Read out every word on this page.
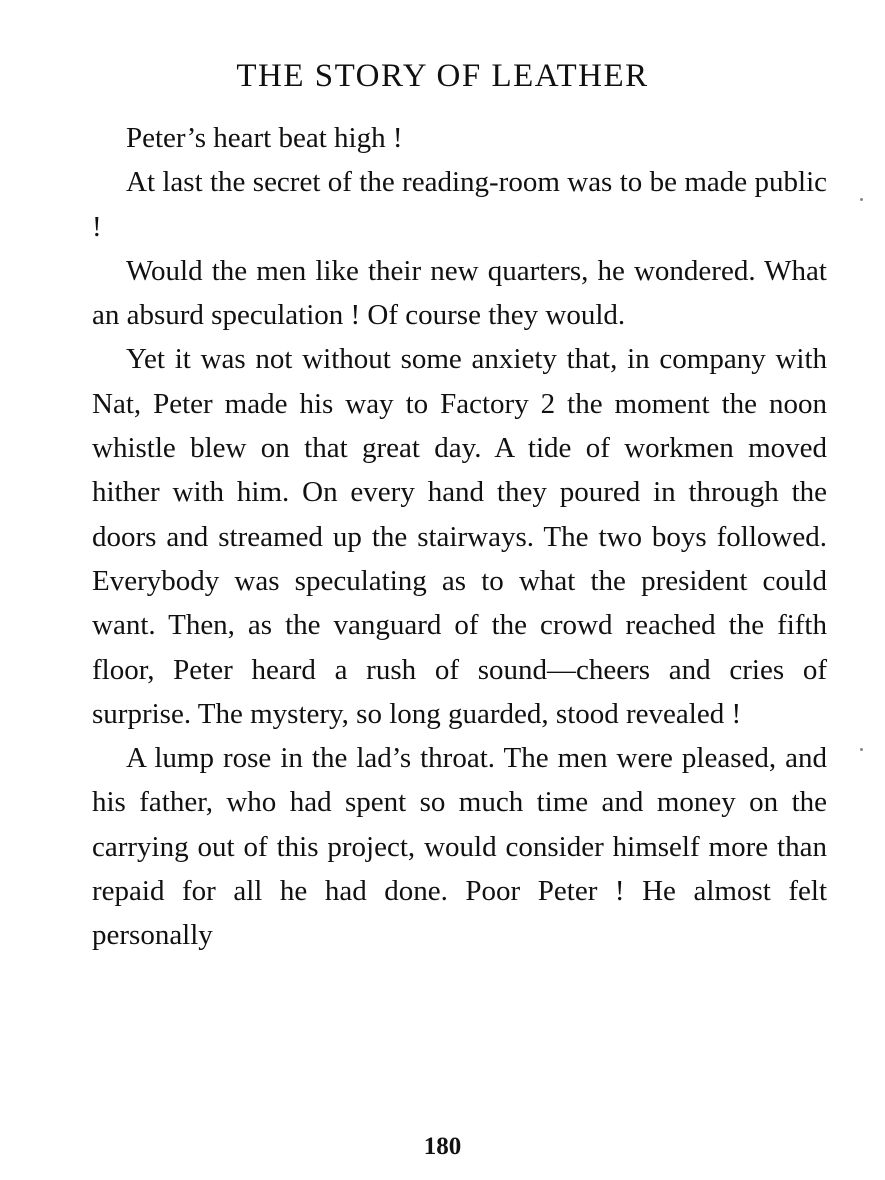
THE STORY OF LEATHER

Peter’s heart beat high !

At last the secret of the reading-room was to be made public !

Would the men like their new quarters, he wondered. What an absurd speculation ! Of course they would.

Yet it was not without some anxiety that, in company with Nat, Peter made his way to Factory 2 the moment the noon whistle blew on that great day. A tide of workmen moved hither with him. On every hand they poured in through the doors and streamed up the stairways. The two boys followed. Everybody was speculating as to what the president could want. Then, as the vanguard of the crowd reached the fifth floor, Peter heard a rush of sound—cheers and cries of surprise. The mystery, so long guarded, stood revealed !

A lump rose in the lad’s throat. The men were pleased, and his father, who had spent so much time and money on the carrying out of this project, would consider himself more than repaid for all he had done. Poor Peter ! He almost felt personally

180
